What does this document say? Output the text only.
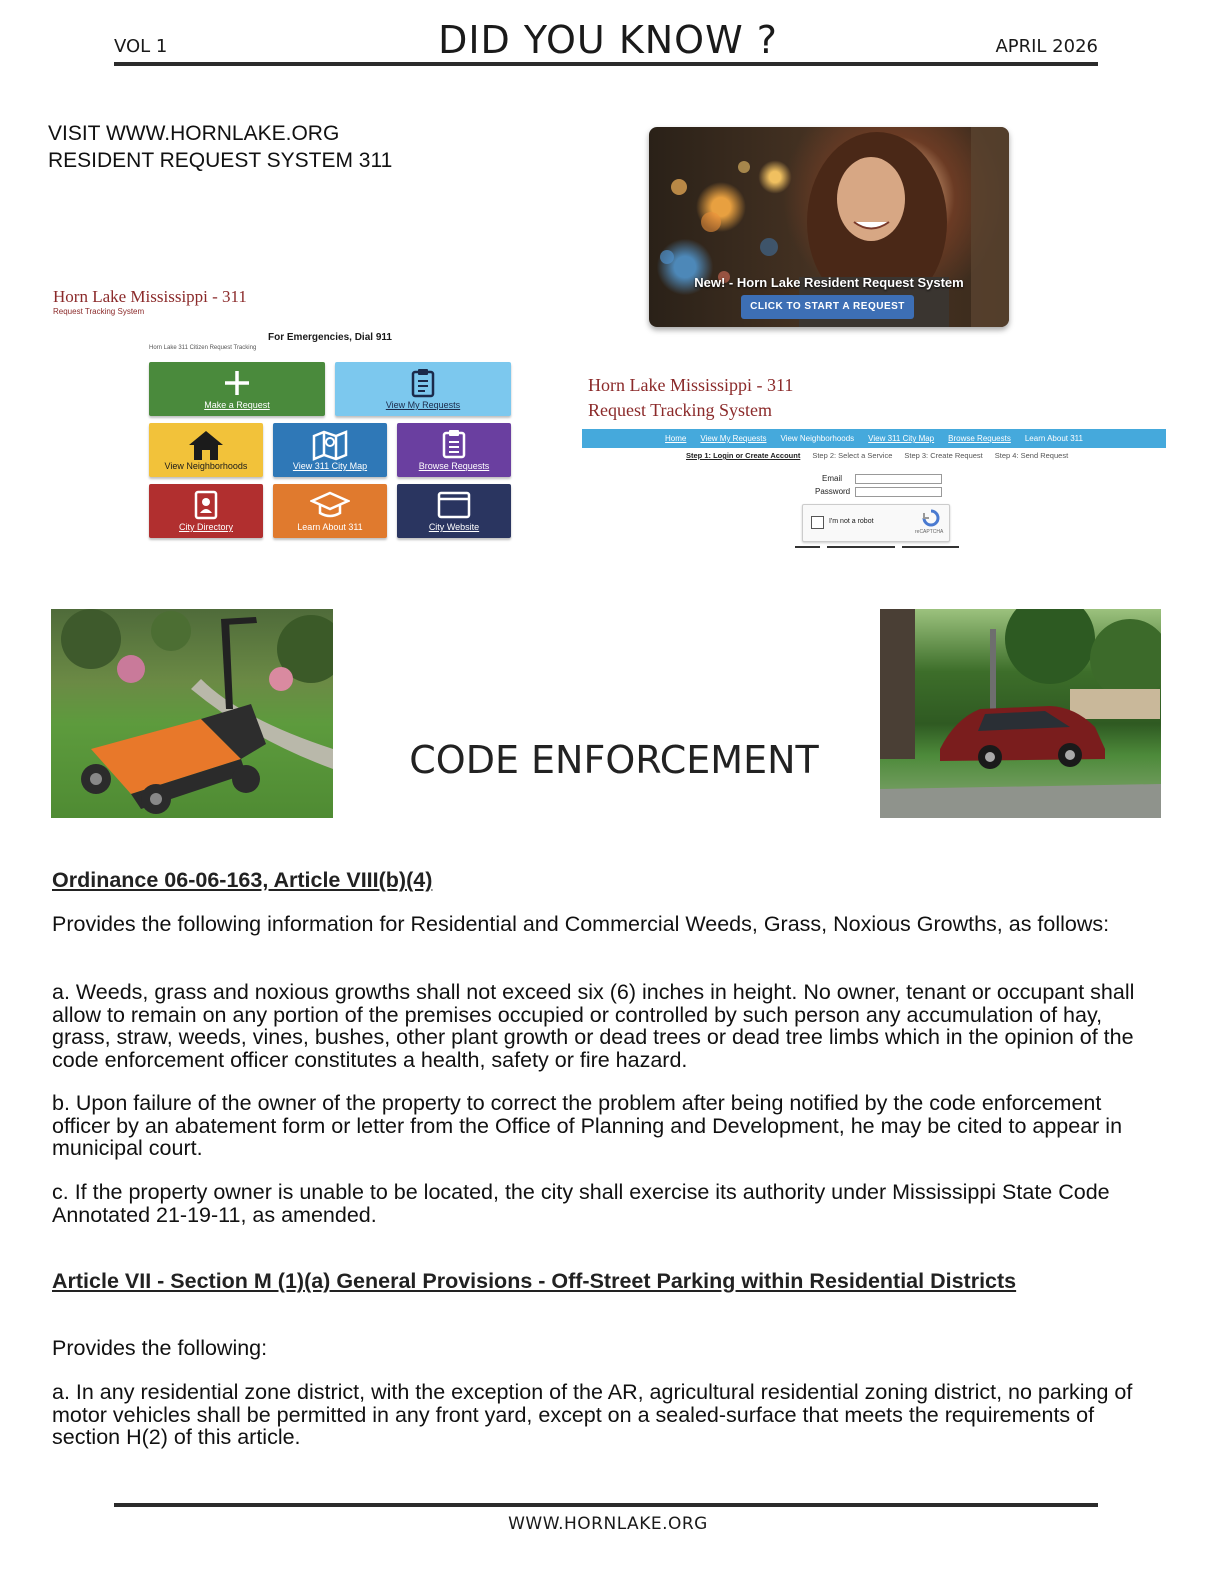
VOL 1	DID YOU KNOW ?	APRIL 2026
VISIT WWW.HORNLAKE.ORG
RESIDENT REQUEST SYSTEM 311
Horn Lake Mississippi - 311
Request Tracking System
For Emergencies, Dial 911
Horn Lake 311 Citizen Request Tracking
Make a Request	View My Requests
View Neighborhoods	View 311 City Map	Browse Requests
City Directory	Learn About 311	City Website
New! - Horn Lake Resident Request System
CLICK TO START A REQUEST
Horn Lake Mississippi - 311
Request Tracking System
Home View My Requests View Neighborhoods View 311 City Map Browse Requests Learn About 311
Step 1: Login or Create Account Step 2: Select a Service Step 3: Create Request Step 4: Send Request
Email
Password
I'm not a robot
reCAPTCHA
CODE ENFORCEMENT
Ordinance 06-06-163, Article VIII(b)(4)
Provides the following information for Residential and Commercial Weeds, Grass, Noxious Growths, as follows:
a. Weeds, grass and noxious growths shall not exceed six (6) inches in height. No owner, tenant or occupant shall allow to remain on any portion of the premises occupied or controlled by such person any accumulation of hay, grass, straw, weeds, vines, bushes, other plant growth or dead trees or dead tree limbs which in the opinion of the code enforcement officer constitutes a health, safety or fire hazard.
b. Upon failure of the owner of the property to correct the problem after being notified by the code enforcement officer by an abatement form or letter from the Office of Planning and Development, he may be cited to appear in municipal court.
c. If the property owner is unable to be located, the city shall exercise its authority under Mississippi State Code Annotated 21-19-11, as amended.
Article VII - Section M (1)(a) General Provisions - Off-Street Parking within Residential Districts
Provides the following:
a. In any residential zone district, with the exception of the AR, agricultural residential zoning district, no parking of motor vehicles shall be permitted in any front yard, except on a sealed-surface that meets the requirements of section H(2) of this article.
WWW.HORNLAKE.ORG
